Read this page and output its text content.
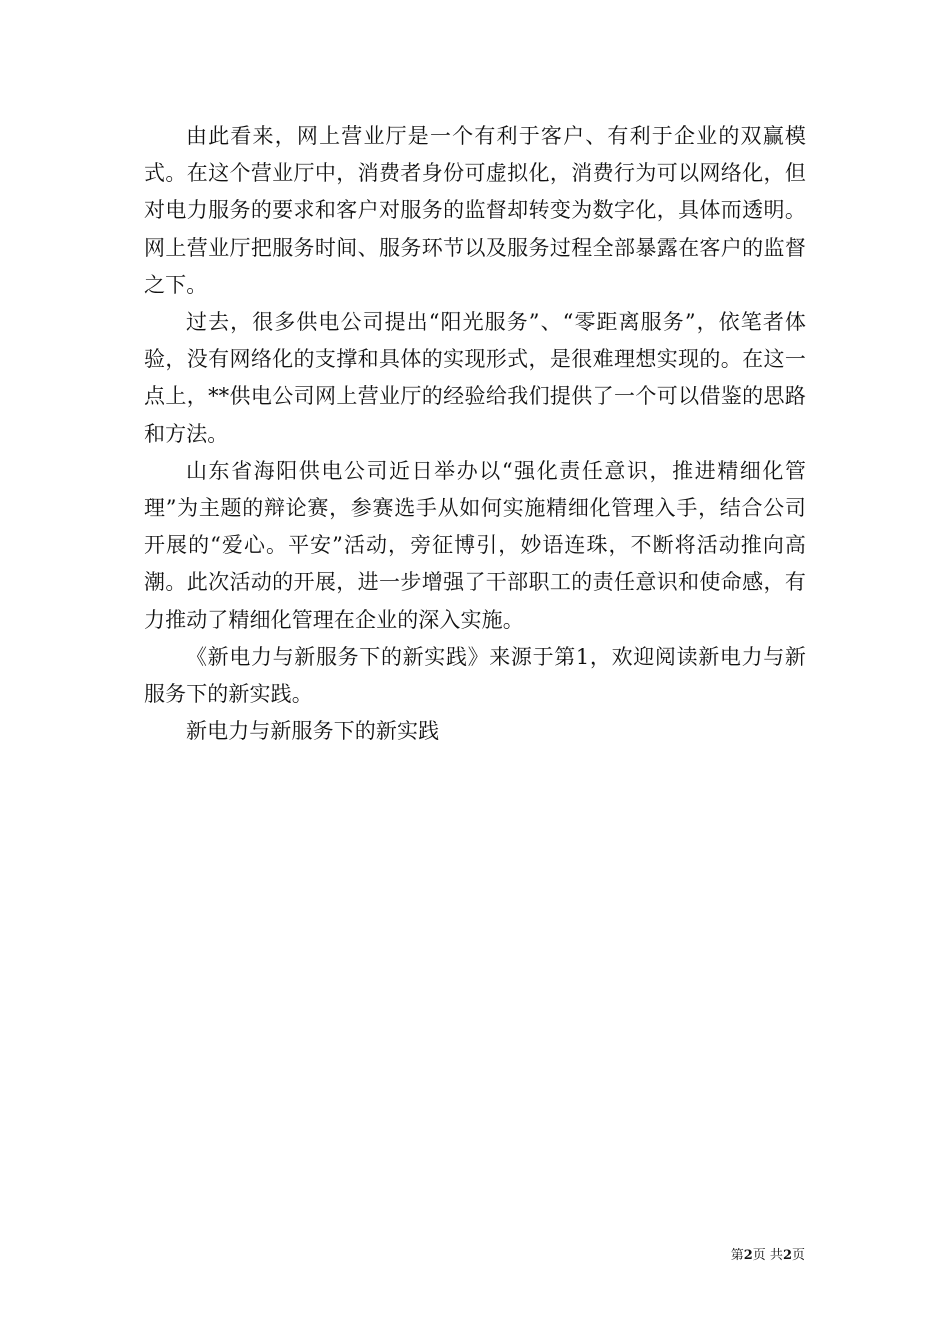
由此看来，网上营业厅是一个有利于客户、有利于企业的双赢模式。在这个营业厅中，消费者身份可虚拟化，消费行为可以网络化，但对电力服务的要求和客户对服务的监督却转变为数字化，具体而透明。网上营业厅把服务时间、服务环节以及服务过程全部暴露在客户的监督之下。

过去，很多供电公司提出“阳光服务”、“零距离服务”，依笔者体验，没有网络化的支撑和具体的实现形式，是很难理想实现的。在这一点上，**供电公司网上营业厅的经验给我们提供了一个可以借鉴的思路和方法。

山东省海阳供电公司近日举办以“强化责任意识，推进精细化管理”为主题的辩论赛，参赛选手从如何实施精细化管理入手，结合公司开展的“爱心。平安”活动，旁征博引，妙语连珠，不断将活动推向高潮。此次活动的开展，进一步增强了干部职工的责任意识和使命感，有力推动了精细化管理在企业的深入实施。

《新电力与新服务下的新实践》来源于第1，欢迎阅读新电力与新服务下的新实践。

新电力与新服务下的新实践

第2页 共2页
